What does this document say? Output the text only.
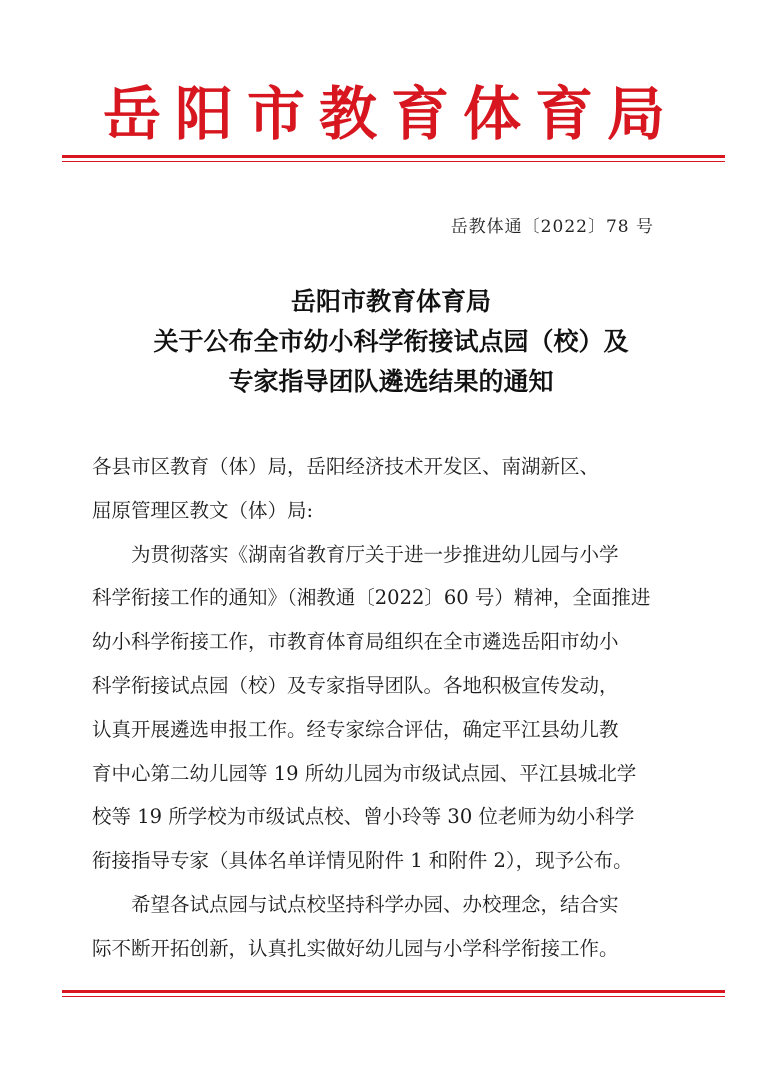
岳阳市教育体育局
岳教体通〔2022〕78 号
岳阳市教育体育局
关于公布全市幼小科学衔接试点园（校）及
专家指导团队遴选结果的通知

各县市区教育（体）局，岳阳经济技术开发区、南湖新区、
屈原管理区教文（体）局:

为贯彻落实《湖南省教育厅关于进一步推进幼儿园与小学
科学衔接工作的通知》（湘教通〔2022〕60 号）精神，全面推进
幼小科学衔接工作，市教育体育局组织在全市遴选岳阳市幼小
科学衔接试点园（校）及专家指导团队。各地积极宣传发动，
认真开展遴选申报工作。经专家综合评估，确定平江县幼儿教
育中心第二幼儿园等 19 所幼儿园为市级试点园、平江县城北学
校等 19 所学校为市级试点校、曾小玲等 30 位老师为幼小科学
衔接指导专家（具体名单详情见附件 1 和附件 2），现予公布。

希望各试点园与试点校坚持科学办园、办校理念，结合实
际不断开拓创新，认真扎实做好幼儿园与小学科学衔接工作。
